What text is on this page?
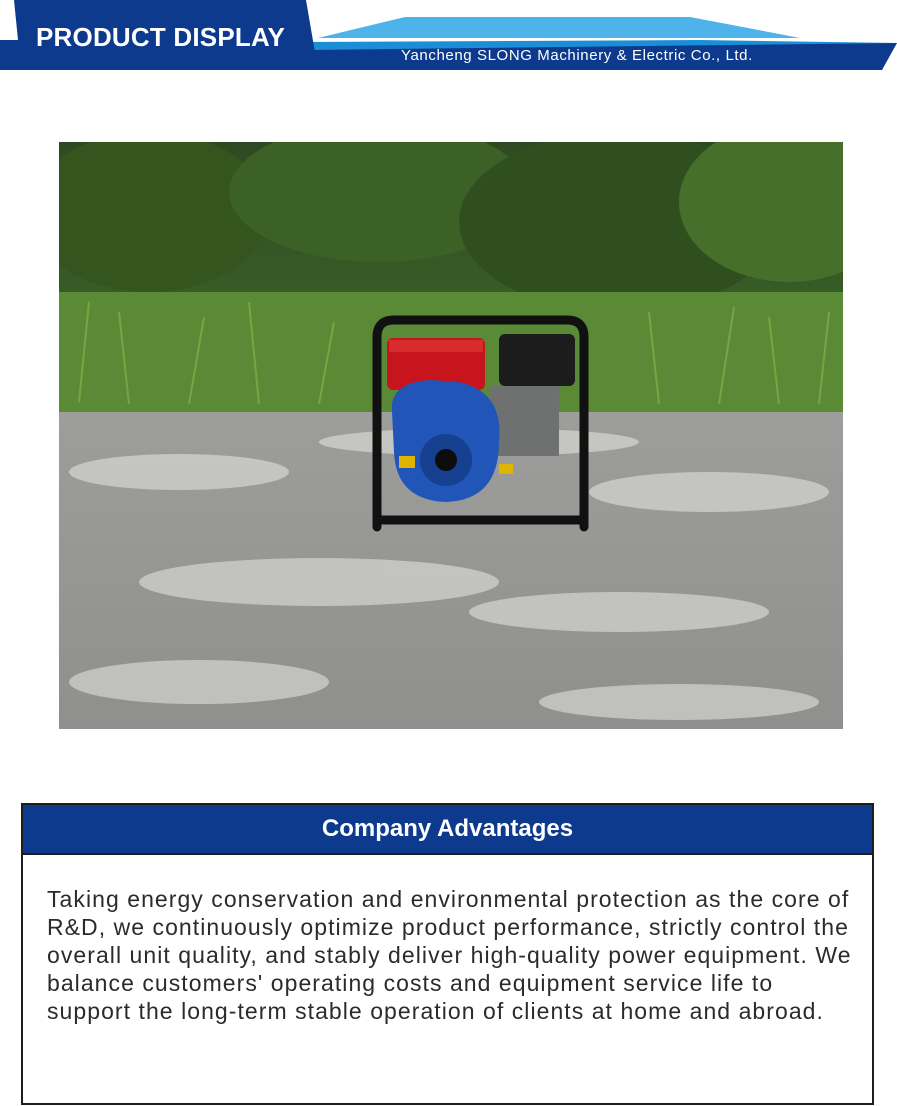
PRODUCT DISPLAY
Yancheng SLONG Machinery & Electric Co., Ltd.
Company Advantages
Taking energy conservation and environmental protection as the core of R&D, we continuously optimize product performance, strictly control the overall unit quality, and stably deliver high-quality power equipment. We balance customers' operating costs and equipment service life to support the long-term stable operation of clients at home and abroad.
